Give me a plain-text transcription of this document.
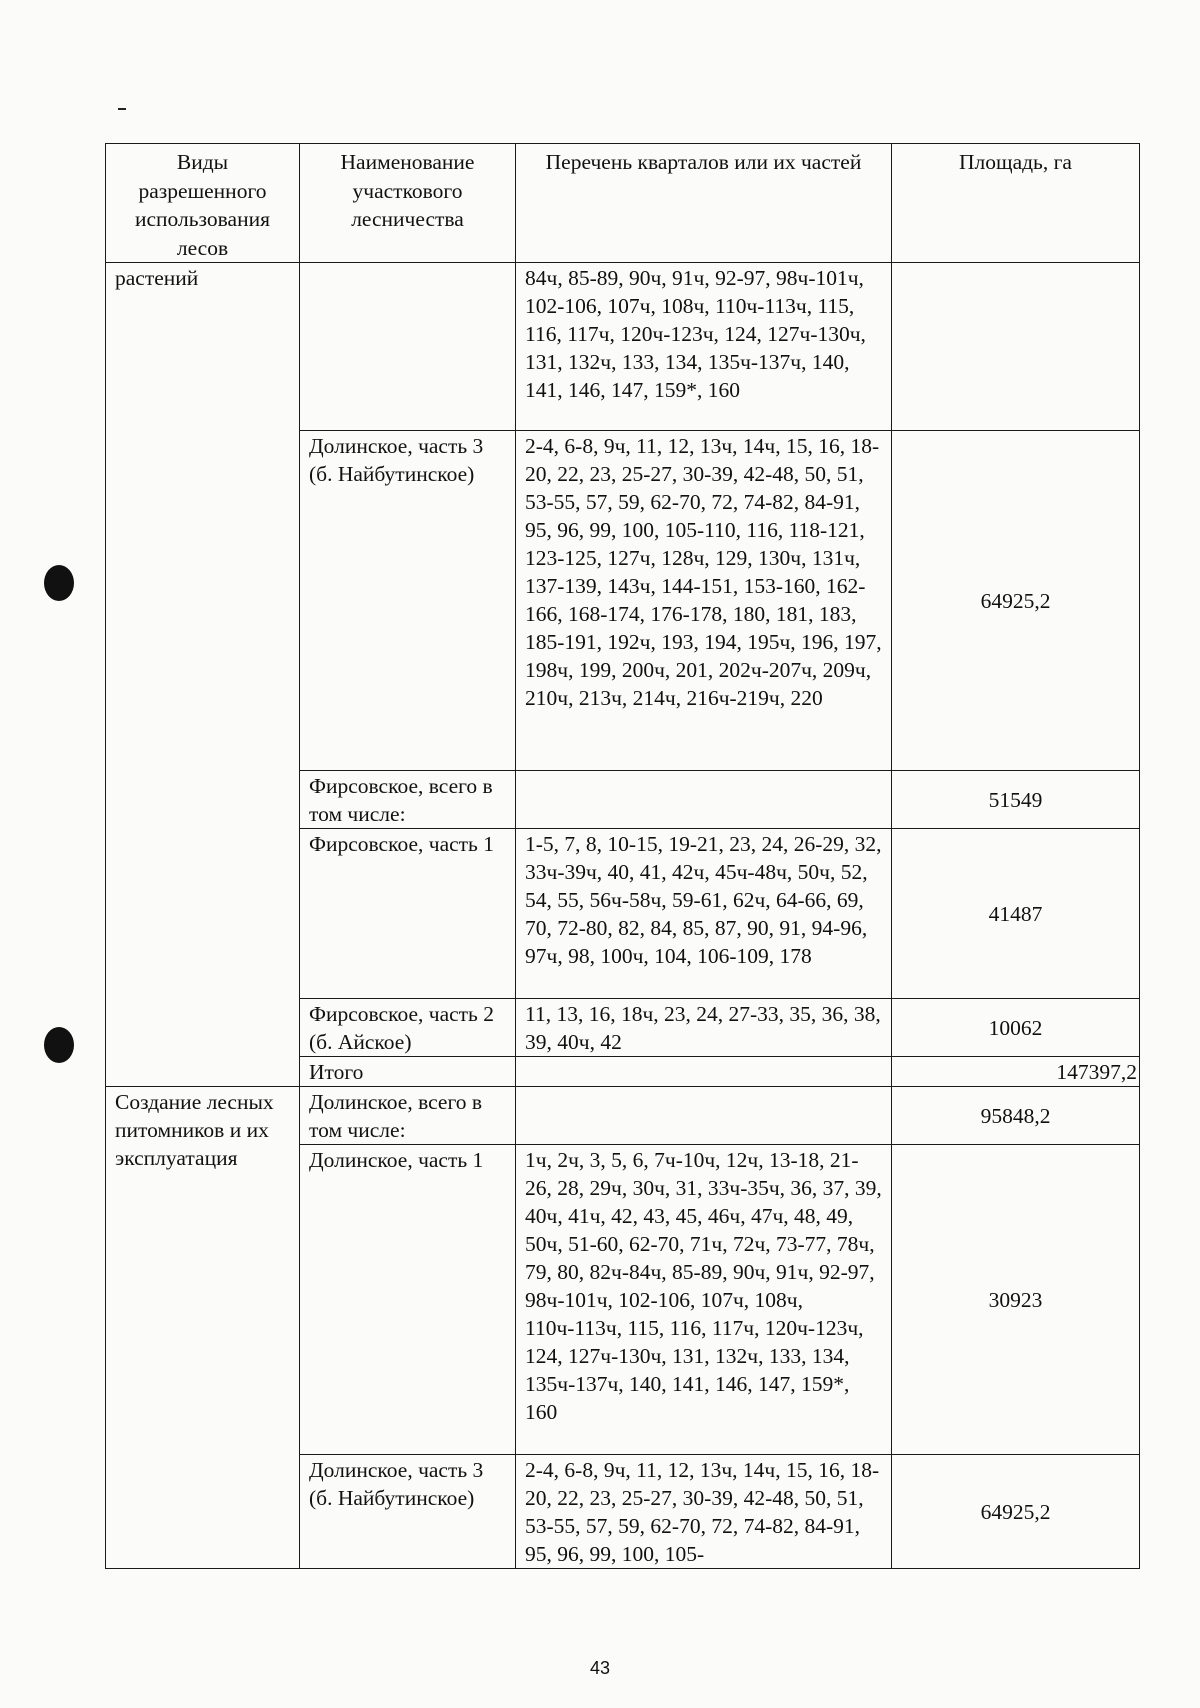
Виды разрешенного использования лесов	Наименование участкового лесничества	Перечень кварталов или их частей	Площадь, га
растений		84ч, 85-89, 90ч, 91ч, 92-97, 98ч-101ч, 102-106, 107ч, 108ч, 110ч-113ч, 115, 116, 117ч, 120ч-123ч, 124, 127ч-130ч, 131, 132ч, 133, 134, 135ч-137ч, 140, 141, 146, 147, 159*, 160	
	Долинское, часть 3 (б. Найбутинское)	2-4, 6-8, 9ч, 11, 12, 13ч, 14ч, 15, 16, 18-20, 22, 23, 25-27, 30-39, 42-48, 50, 51, 53-55, 57, 59, 62-70, 72, 74-82, 84-91, 95, 96, 99, 100, 105-110, 116, 118-121, 123-125, 127ч, 128ч, 129, 130ч, 131ч, 137-139, 143ч, 144-151, 153-160, 162-166, 168-174, 176-178, 180, 181, 183, 185-191, 192ч, 193, 194, 195ч, 196, 197, 198ч, 199, 200ч, 201, 202ч-207ч, 209ч, 210ч, 213ч, 214ч, 216ч-219ч, 220	64925,2
	Фирсовское, всего в том числе:		51549
	Фирсовское, часть 1	1-5, 7, 8, 10-15, 19-21, 23, 24, 26-29, 32, 33ч-39ч, 40, 41, 42ч, 45ч-48ч, 50ч, 52, 54, 55, 56ч-58ч, 59-61, 62ч, 64-66, 69, 70, 72-80, 82, 84, 85, 87, 90, 91, 94-96, 97ч, 98, 100ч, 104, 106-109, 178	41487
	Фирсовское, часть 2 (б. Айское)	11, 13, 16, 18ч, 23, 24, 27-33, 35, 36, 38, 39, 40ч, 42	10062
	Итого		147397,2
Создание лесных питомников и их эксплуатация	Долинское, всего в том числе:		95848,2
	Долинское, часть 1	1ч, 2ч, 3, 5, 6, 7ч-10ч, 12ч, 13-18, 21-26, 28, 29ч, 30ч, 31, 33ч-35ч, 36, 37, 39, 40ч, 41ч, 42, 43, 45, 46ч, 47ч, 48, 49, 50ч, 51-60, 62-70, 71ч, 72ч, 73-77, 78ч, 79, 80, 82ч-84ч, 85-89, 90ч, 91ч, 92-97, 98ч-101ч, 102-106, 107ч, 108ч, 110ч-113ч, 115, 116, 117ч, 120ч-123ч, 124, 127ч-130ч, 131, 132ч, 133, 134, 135ч-137ч, 140, 141, 146, 147, 159*, 160	30923
	Долинское, часть 3 (б. Найбутинское)	2-4, 6-8, 9ч, 11, 12, 13ч, 14ч, 15, 16, 18-20, 22, 23, 25-27, 30-39, 42-48, 50, 51, 53-55, 57, 59, 62-70, 72, 74-82, 84-91, 95, 96, 99, 100, 105-	64925,2
43
